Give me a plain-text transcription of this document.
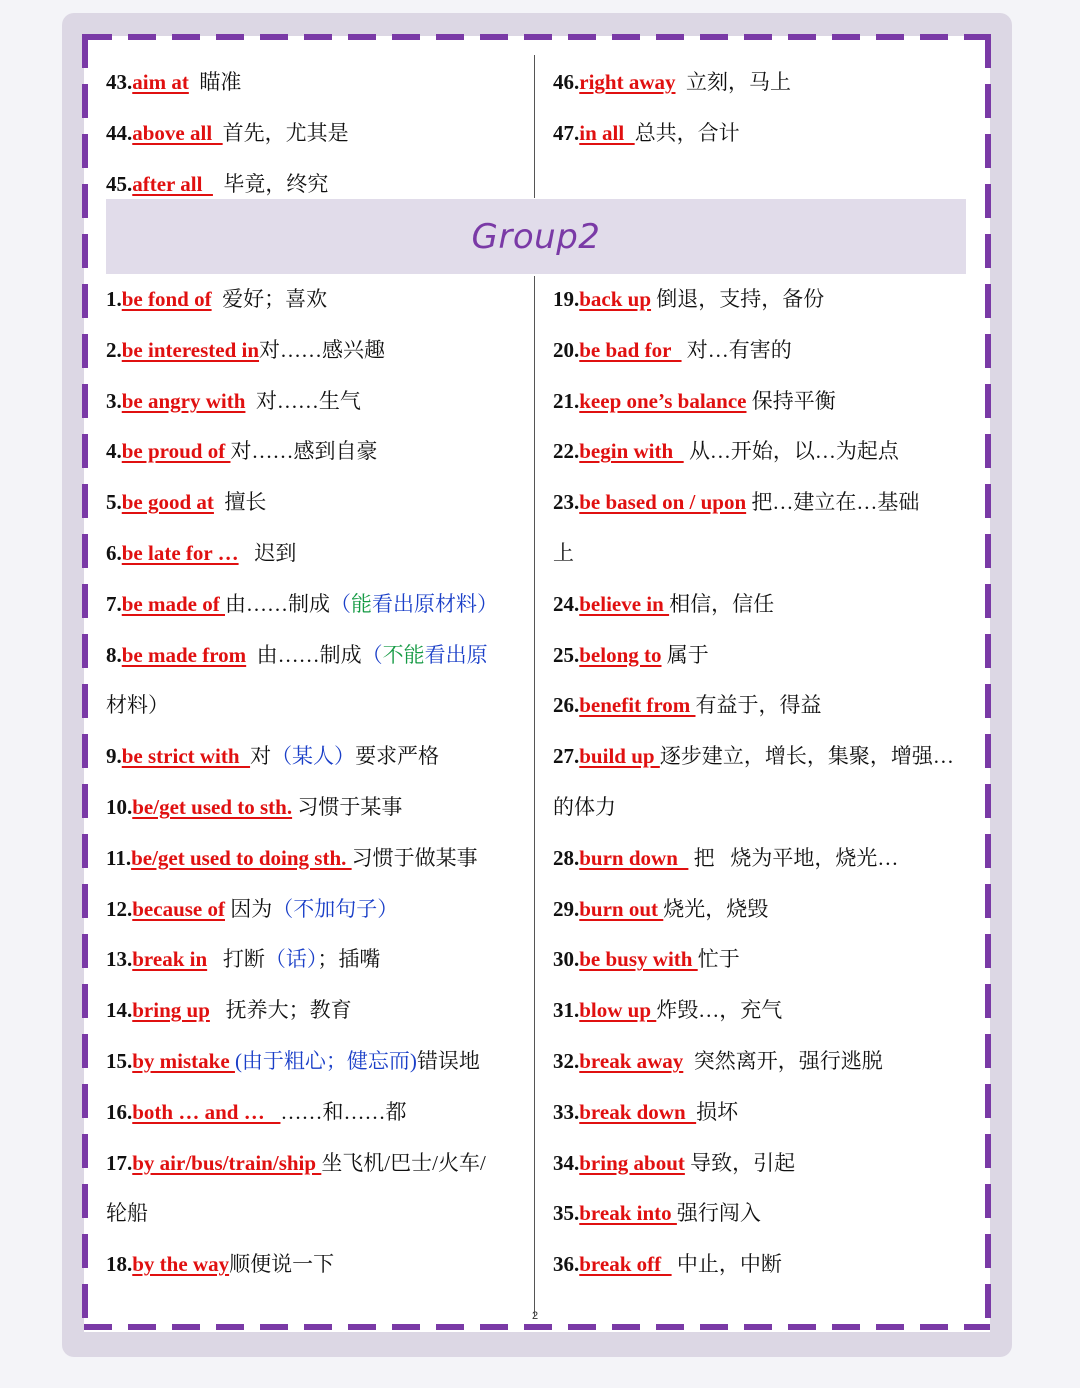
43.aim at  瞄准
44.above all  首先，尤其是
45.after all    毕竟，终究
46.right away  立刻，马上
47.in all  总共，合计
Group2
1.be fond of  爱好；喜欢
2.be interested in对……感兴趣
3.be angry with  对……生气
4.be proud of 对……感到自豪
5.be good at  擅长
6.be late for …   迟到
7.be made of 由……制成（能看出原材料）
8.be made from  由……制成（不能看出原
材料）
9.be strict with  对（某人）要求严格
10.be/get used to sth. 习惯于某事
11.be/get used to doing sth. 习惯于做某事
12.because of 因为（不加句子）
13.break in   打断（话）；插嘴
14.bring up   抚养大；教育
15.by mistake (由于粗心；健忘而)错误地
16.both … and …   ……和……都
17.by air/bus/train/ship 坐飞机/巴士/火车/
轮船
18.by the way顺便说一下
19.back up 倒退，支持，备份
20.be bad for   对…有害的
21.keep one’s balance 保持平衡
22.begin with   从…开始，以…为起点
23.be based on / upon 把…建立在…基础
上
24.believe in 相信，信任
25.belong to 属于
26.benefit from 有益于，得益
27.build up 逐步建立，增长，集聚，增强…
的体力
28.burn down   把   烧为平地，烧光…
29.burn out 烧光，烧毁
30.be busy with 忙于
31.blow up 炸毁…，充气
32.break away  突然离开，强行逃脱
33.break down  损坏
34.bring about 导致，引起
35.break into 强行闯入
36.break off   中止，中断
2
